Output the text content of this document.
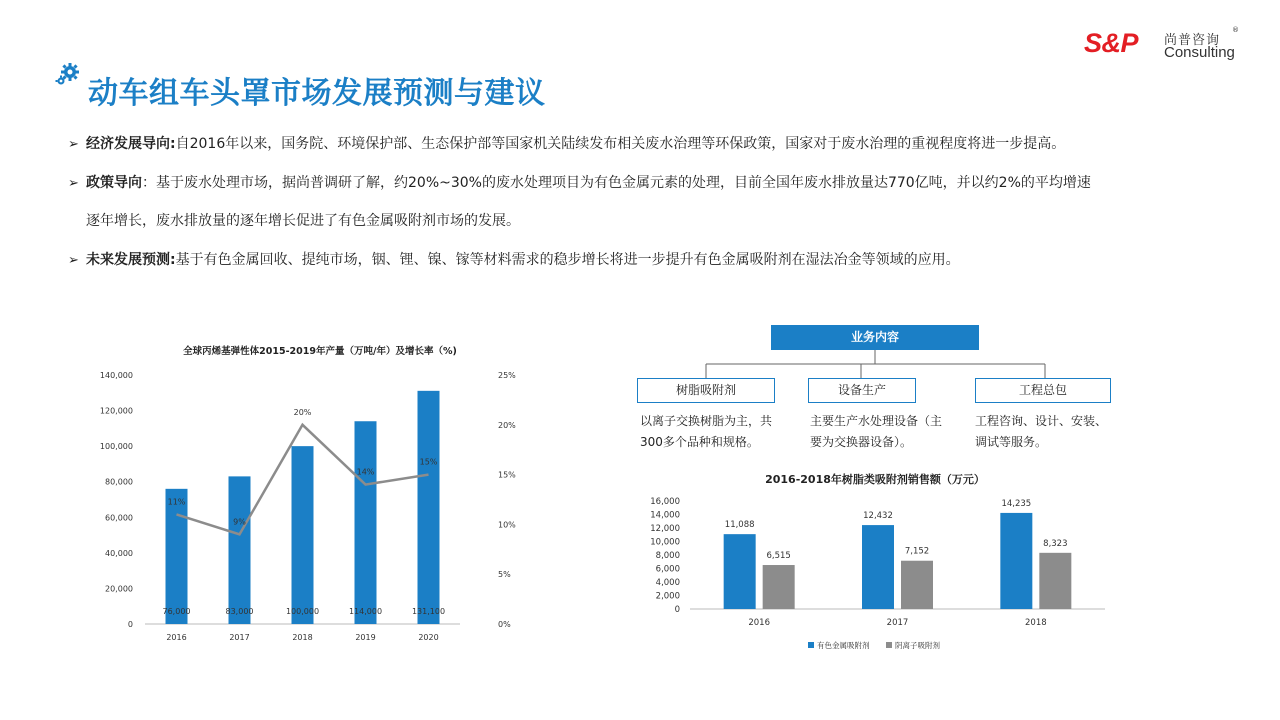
动车组车头罩市场发展预测与建议
S&P 尚普咨询
Consulting
®
➢ 经济发展导向:自2016年以来，国务院、环境保护部、生态保护部等国家机关陆续发布相关废水治理等环保政策，国家对于废水治理的重视程度将进一步提高。
➢ 政策导向：基于废水处理市场，据尚普调研了解，约20%~30%的废水处理项目为有色金属元素的处理，目前全国年废水排放量达770亿吨，并以约2%的平均增速
逐年增长，废水排放量的逐年增长促进了有色金属吸附剂市场的发展。
➢ 未来发展预测:基于有色金属回收、提纯市场，铟、锂、镍、镓等材料需求的稳步增长将进一步提升有色金属吸附剂在湿法冶金等领域的应用。
全球丙烯基弹性体2015-2019年产量（万吨/年）及增长率（%)
0
20,000
40,000
60,000
80,000
100,000
120,000
140,000
0%
5%
10%
15%
20%
25%
2016
76,000
2017
83,000
2018
100,000
2019
114,000
2020
131,100
11%
9%
20%
14%
15%
业务内容
树脂吸附剂	设备生产	工程总包
以离子交换树脂为主，共
300多个品种和规格。
主要生产水处理设备（主
要为交换器设备）。
工程咨询、设计、安装、
调试等服务。
2016-2018年树脂类吸附剂销售额（万元）
0
2,000
4,000
6,000
8,000
10,000
12,000
14,000
16,000
11,088
6,515
2016
12,432
7,152
2017
14,235
8,323
2018
有色金属吸附剂	阴离子吸附剂
